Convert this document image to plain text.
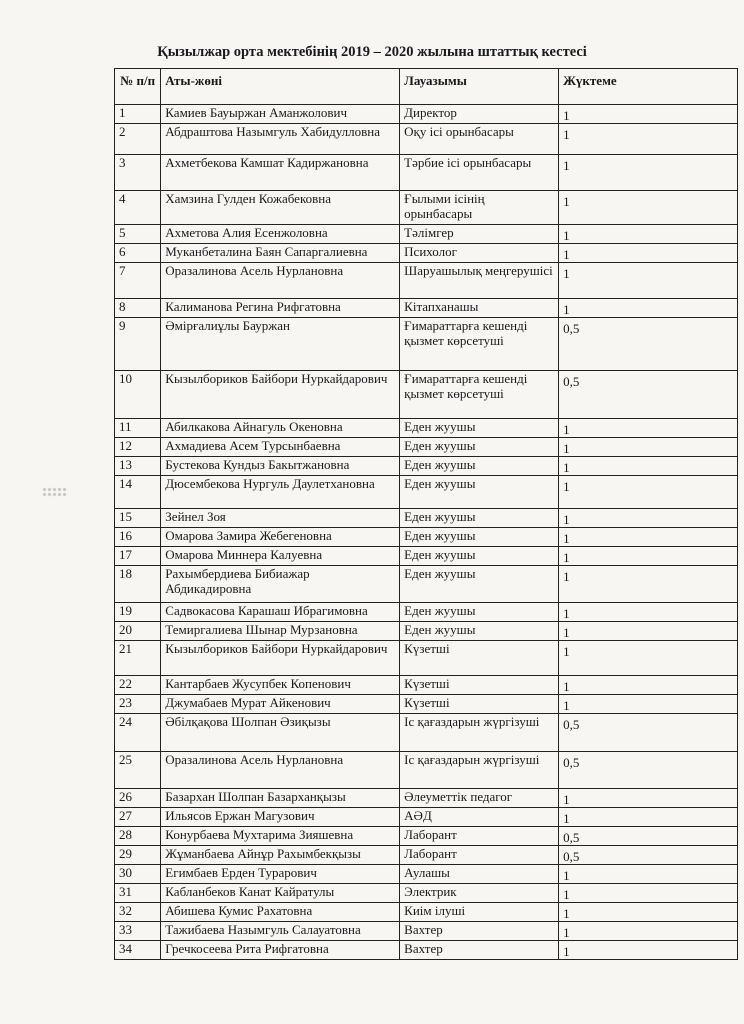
Қызылжар орта мектебінің 2019 – 2020 жылына штаттық кестесі
№ п/п	Аты-жөні	Лауазымы	Жүктеме
1	Камиев Бауыржан Аманжолович	Директор	1
2	Абдраштова Назымгуль Хабидулловна	Оқу ісі орынбасары	1
3	Ахметбекова Камшат Кадиржановна	Тәрбие ісі орынбасары	1
4	Хамзина Гулден Кожабековна	Ғылыми ісінің орынбасары	1
5	Ахметова Алия Есенжоловна	Тәлімгер	1
6	Муканбеталина Баян Сапаргалиевна	Психолог	1
7	Оразалинова Асель Нурлановна	Шаруашылық меңгерушісі	1
8	Калиманова Регина Рифгатовна	Кітапханашы	1
9	Әмірғалиұлы Бауржан	Ғимараттарға кешенді қызмет көрсетуші	0,5
10	Кызылбориков Байбори Нуркайдарович	Ғимараттарға кешенді қызмет көрсетуші	0,5
11	Абилкакова Айнагуль Океновна	Еден жуушы	1
12	Ахмадиева Асем Турсынбаевна	Еден жуушы	1
13	Бустекова Кундыз Бакытжановна	Еден жуушы	1
14	Дюсембекова Нургуль Даулетхановна	Еден жуушы	1
15	Зейнел Зоя	Еден жуушы	1
16	Омарова Замира Жебегеновна	Еден жуушы	1
17	Омарова Миннера Калуевна	Еден жуушы	1
18	Рахымбердиева Бибиажар Абдикадировна	Еден жуушы	1
19	Садвокасова Карашаш Ибрагимовна	Еден жуушы	1
20	Темиргалиева Шынар Мурзановна	Еден жуушы	1
21	Кызылбориков Байбори Нуркайдарович	Күзетші	1
22	Кантарбаев Жусупбек Копенович	Күзетші	1
23	Джумабаев Мурат Айкенович	Күзетші	1
24	Әбілқақова Шолпан Әзиқызы	Іс қағаздарын жүргізуші	0,5
25	Оразалинова Асель Нурлановна	Іс қағаздарын жүргізуші	0,5
26	Базархан Шолпан Базарханқызы	Әлеуметтік педагог	1
27	Ильясов Ержан Магузович	АӘД	1
28	Конурбаева Мухтарима Зияшевна	Лаборант	0,5
29	Жұманбаева Айнұр Рахымбекқызы	Лаборант	0,5
30	Егимбаев Ерден Турарович	Аулашы	1
31	Кабланбеков Канат Кайратулы	Электрик	1
32	Абишева Кумис Рахатовна	Киім ілуші	1
33	Тажибаева Назымгуль Салауатовна	Вахтер	1
34	Гречкосеева Рита Рифгатовна	Вахтер	1
